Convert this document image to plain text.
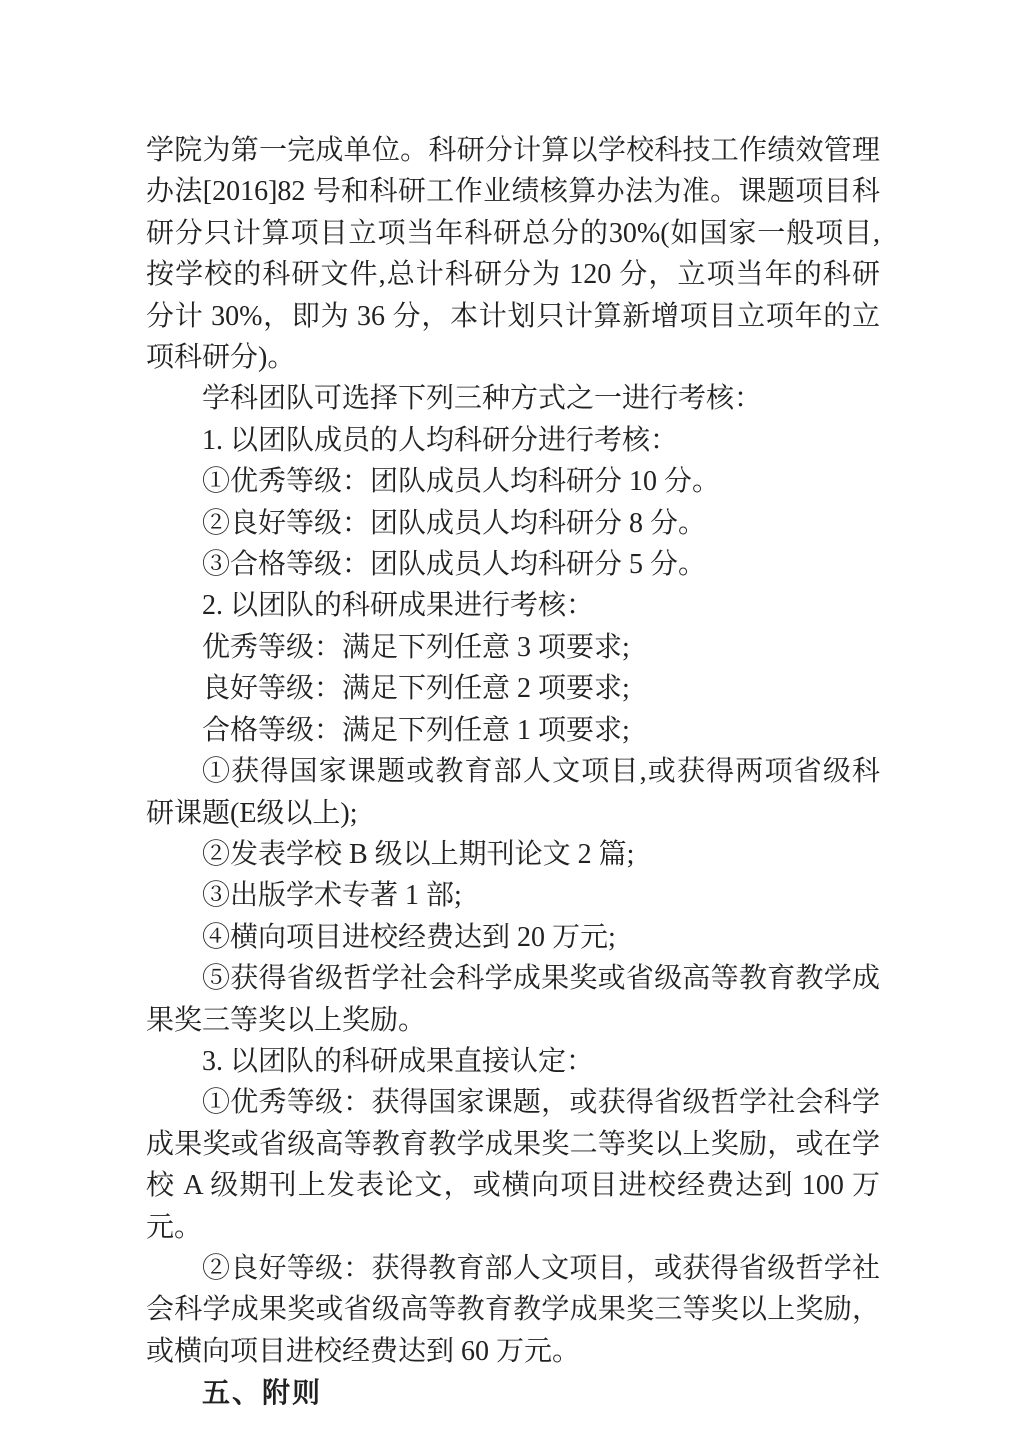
学院为第一完成单位。科研分计算以学校科技工作绩效管理办法[2016]82 号和科研工作业绩核算办法为准。课题项目科研分只计算项目立项当年科研总分的30%(如国家一般项目,按学校的科研文件,总计科研分为 120 分，立项当年的科研分计 30%，即为 36 分，本计划只计算新增项目立项年的立项科研分)。

学科团队可选择下列三种方式之一进行考核：

1. 以团队成员的人均科研分进行考核：

①优秀等级：团队成员人均科研分 10 分。

②良好等级：团队成员人均科研分 8 分。

③合格等级：团队成员人均科研分 5 分。

2. 以团队的科研成果进行考核：

优秀等级：满足下列任意 3 项要求;

良好等级：满足下列任意 2 项要求;

合格等级：满足下列任意 1 项要求;

①获得国家课题或教育部人文项目,或获得两项省级科研课题(E级以上);

②发表学校 B 级以上期刊论文 2 篇;

③出版学术专著 1 部;

④横向项目进校经费达到 20 万元;

⑤获得省级哲学社会科学成果奖或省级高等教育教学成果奖三等奖以上奖励。

3. 以团队的科研成果直接认定：

①优秀等级：获得国家课题，或获得省级哲学社会科学成果奖或省级高等教育教学成果奖二等奖以上奖励，或在学校 A 级期刊上发表论文，或横向项目进校经费达到 100 万元。

②良好等级：获得教育部人文项目，或获得省级哲学社会科学成果奖或省级高等教育教学成果奖三等奖以上奖励，或横向项目进校经费达到 60 万元。

五、附则
